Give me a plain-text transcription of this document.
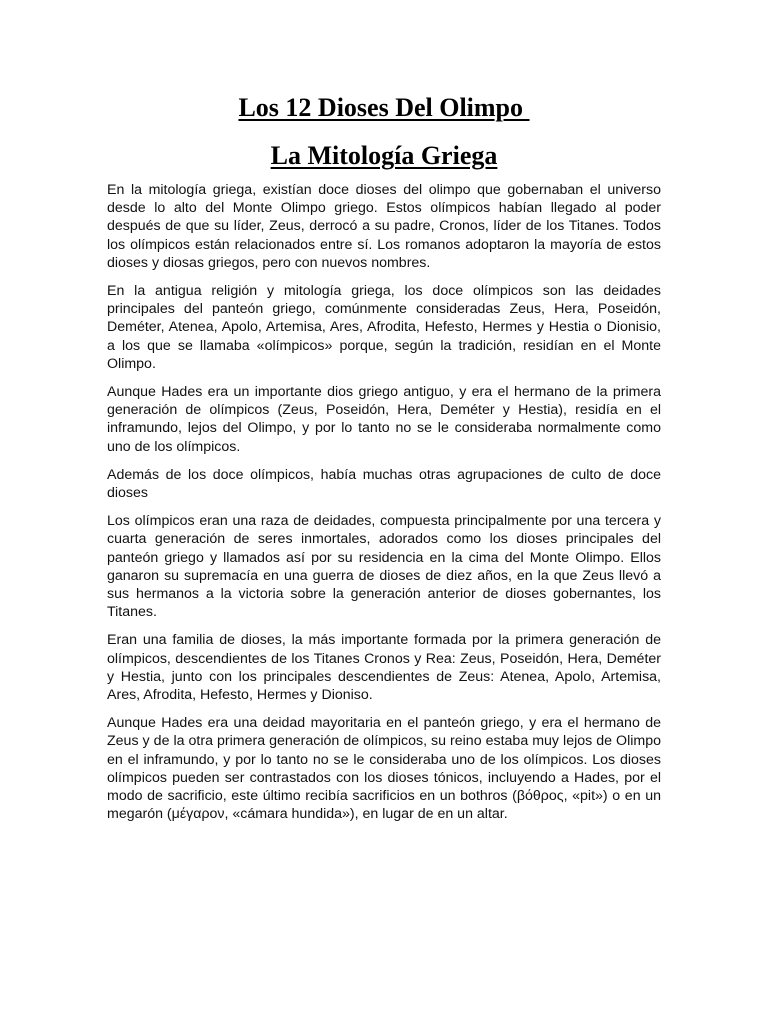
Los 12 Dioses Del Olimpo
La Mitología Griega

En la mitología griega, existían doce dioses del olimpo que gobernaban el universo desde lo alto del Monte Olimpo griego. Estos olímpicos habían llegado al poder después de que su líder, Zeus, derrocó a su padre, Cronos, líder de los Titanes. Todos los olímpicos están relacionados entre sí. Los romanos adoptaron la mayoría de estos dioses y diosas griegos, pero con nuevos nombres.

En la antigua religión y mitología griega, los doce olímpicos son las deidades principales del panteón griego, comúnmente consideradas Zeus, Hera, Poseidón, Deméter, Atenea, Apolo, Artemisa, Ares, Afrodita, Hefesto, Hermes y Hestia o Dionisio, a los que se llamaba «olímpicos» porque, según la tradición, residían en el Monte Olimpo.

Aunque Hades era un importante dios griego antiguo, y era el hermano de la primera generación de olímpicos (Zeus, Poseidón, Hera, Deméter y Hestia), residía en el inframundo, lejos del Olimpo, y por lo tanto no se le consideraba normalmente como uno de los olímpicos.

Además de los doce olímpicos, había muchas otras agrupaciones de culto de doce dioses

Los olímpicos eran una raza de deidades, compuesta principalmente por una tercera y cuarta generación de seres inmortales, adorados como los dioses principales del panteón griego y llamados así por su residencia en la cima del Monte Olimpo. Ellos ganaron su supremacía en una guerra de dioses de diez años, en la que Zeus llevó a sus hermanos a la victoria sobre la generación anterior de dioses gobernantes, los Titanes.

Eran una familia de dioses, la más importante formada por la primera generación de olímpicos, descendientes de los Titanes Cronos y Rea: Zeus, Poseidón, Hera, Deméter y Hestia, junto con los principales descendientes de Zeus: Atenea, Apolo, Artemisa, Ares, Afrodita, Hefesto, Hermes y Dioniso.

Aunque Hades era una deidad mayoritaria en el panteón griego, y era el hermano de Zeus y de la otra primera generación de olímpicos, su reino estaba muy lejos de Olimpo en el inframundo, y por lo tanto no se le consideraba uno de los olímpicos. Los dioses olímpicos pueden ser contrastados con los dioses tónicos, incluyendo a Hades, por el modo de sacrificio, este último recibía sacrificios en un bothros (βόθρος, «pit») o en un megarón (μέγαρον, «cámara hundida»), en lugar de en un altar.
